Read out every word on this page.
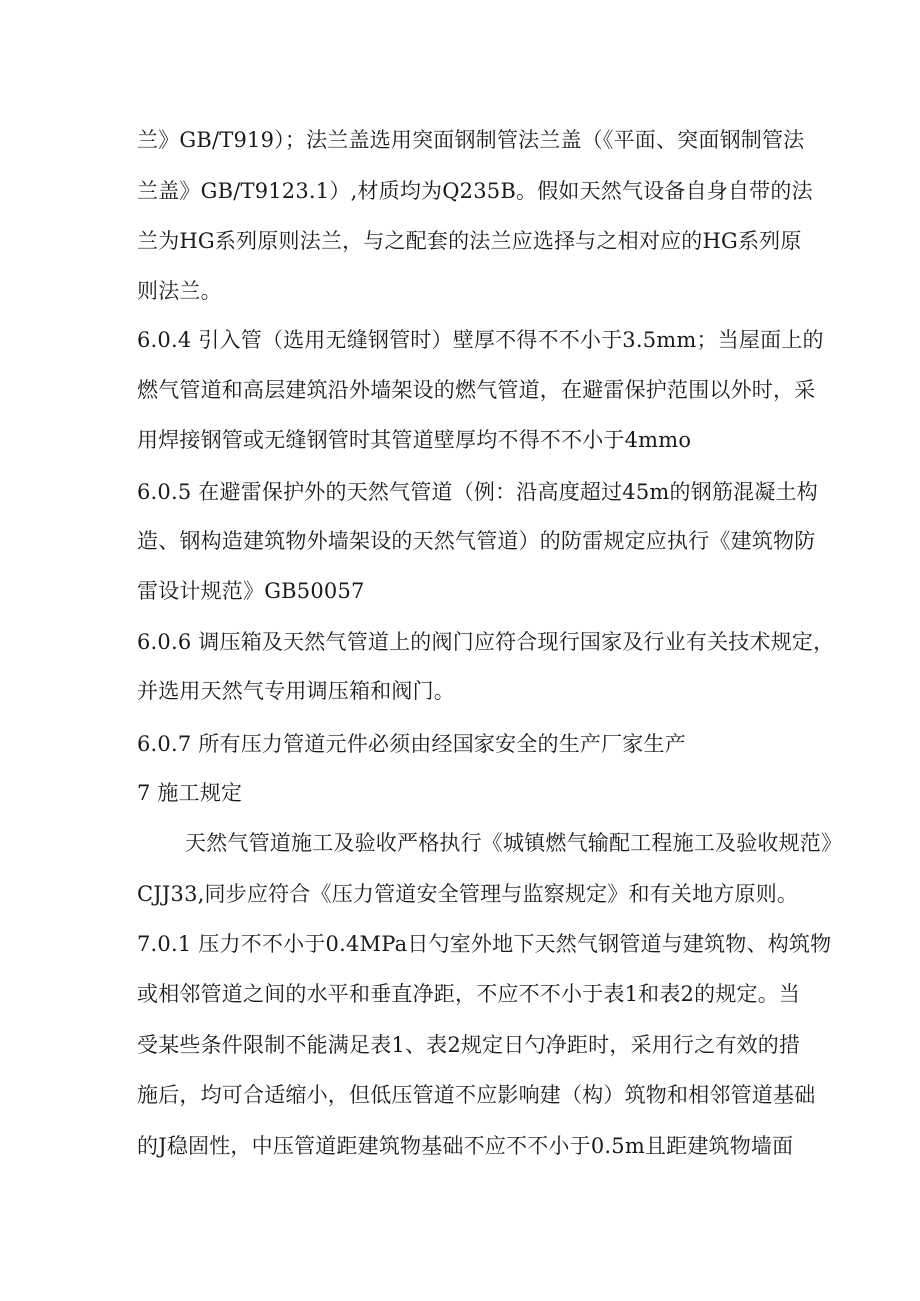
兰》GB/T919）；法兰盖选用突面钢制管法兰盖（《平面、突面钢制管法
兰盖》GB/T9123.1）,材质均为Q235B。假如天然气设备自身自带的法
兰为HG系列原则法兰，与之配套的法兰应选择与之相对应的HG系列原
则法兰。
6.0.4 引入管（选用无缝钢管时）壁厚不得不不小于3.5mm；当屋面上的
燃气管道和高层建筑沿外墙架设的燃气管道，在避雷保护范围以外时，采
用焊接钢管或无缝钢管时其管道壁厚均不得不不小于4mmo
6.0.5 在避雷保护外的天然气管道（例：沿高度超过45m的钢筋混凝土构
造、钢构造建筑物外墙架设的天然气管道）的防雷规定应执行《建筑物防
雷设计规范》GB50057
6.0.6 调压箱及天然气管道上的阀门应符合现行国家及行业有关技术规定，
并选用天然气专用调压箱和阀门。
6.0.7 所有压力管道元件必须由经国家安全的生产厂家生产
7 施工规定
天然气管道施工及验收严格执行《城镇燃气输配工程施工及验收规范》
CJJ33,同步应符合《压力管道安全管理与监察规定》和有关地方原则。
7.0.1 压力不不小于0.4MPa日勺室外地下天然气钢管道与建筑物、构筑物
或相邻管道之间的水平和垂直净距，不应不不小于表1和表2的规定。当
受某些条件限制不能满足表1、表2规定日勺净距时，采用行之有效的措
施后，均可合适缩小，但低压管道不应影响建（构）筑物和相邻管道基础
的J稳固性，中压管道距建筑物基础不应不不小于0.5m且距建筑物墙面
